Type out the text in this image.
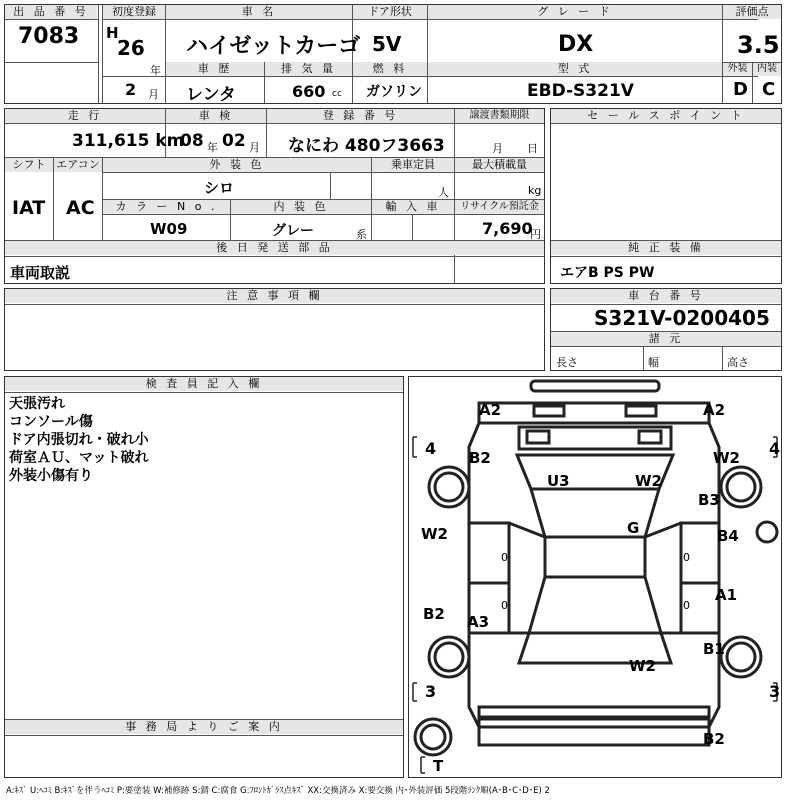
出 品 番 号
7083
初度登録
H
26
年
2 月
車 名
ハイゼットカーゴ
ドア形状
5V
グ レ ー ド
DX
評価点
3.5
車 歴	排 気 量	燃 料	型 式	外装 内装
レンタ	660 cc ガソリン	EBD-S321V	D C
走 行	車 検	登 録 番 号	譲渡書類期限
311,615 km
08 年 02 月 なにわ 480フ3663	月 日
シフト エアコン	外 装 色	乗車定員	最大積載量
IAT AC
シロ	人	kg
カ ラ ー N o .	内 装 色	輸 入 車	リサイクル預託金
W09	グレー	系	7,690
円
後 日 発 送 部 品
車両取説
セ ー ル ス ポ イ ン ト
純 正 装 備
エアB PS PW
注 意 事 項 欄	車 台 番 号
S321V-0200405
諸 元
長さ	幅	高さ
検 査 員 記 入 欄
天張汚れ
コンソール傷
ドア内張切れ・破れ小
荷室ＡＵ、マット破れ
外装小傷有り
事 務 局 よ り ご 案 内
A2	A2
B2	W2
U3	W2
B3
G
W2	B4
A1
B2 A3
B1
W2
B2
4	4
3	3
T
0	0
0	0
A:ｷｽﾞ U:ﾍｺﾐ B:ｷｽﾞを伴うﾍｺﾐ P:要塗装 W:補修跡 S:錆 C:腐食 G:ﾌﾛﾝﾄｶﾞﾗｽ点ｷｽﾞ XX:交換済み X:要交換 内･外装評価 5段階ﾗﾝｸ順(A･B･C･D･E) 2
